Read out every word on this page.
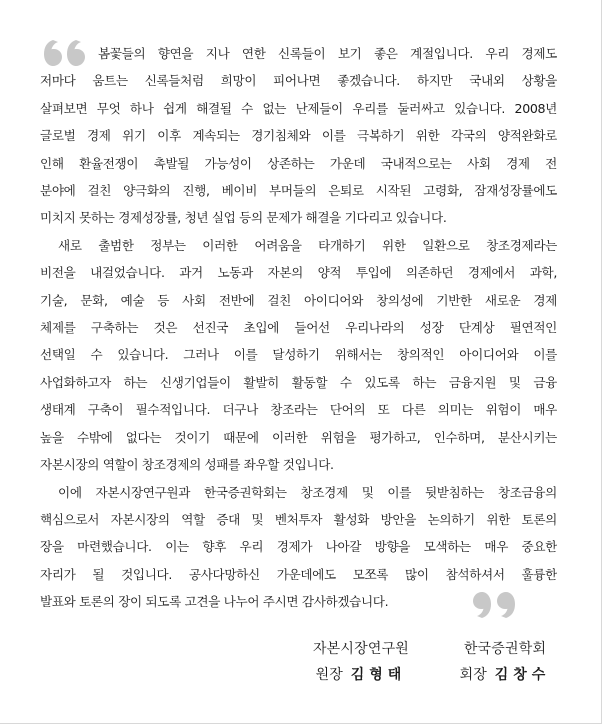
봄꽃들의 향연을 지나 연한 신록들이 보기 좋은 계절입니다. 우리 경제도
저마다 움트는 신록들처럼 희망이 피어나면 좋겠습니다. 하지만 국내외 상황을
살펴보면 무엇 하나 쉽게 해결될 수 없는 난제들이 우리를 둘러싸고 있습니다. 2008년
글로벌 경제 위기 이후 계속되는 경기침체와 이를 극복하기 위한 각국의 양적완화로
인해 환율전쟁이 촉발될 가능성이 상존하는 가운데 국내적으로는 사회 경제 전
분야에 걸친 양극화의 진행, 베이비 부머들의 은퇴로 시작된 고령화, 잠재성장률에도
미치지 못하는 경제성장률, 청년 실업 등의 문제가 해결을 기다리고 있습니다.

새로 출범한 정부는 이러한 어려움을 타개하기 위한 일환으로 창조경제라는
비전을 내걸었습니다. 과거 노동과 자본의 양적 투입에 의존하던 경제에서 과학,
기술, 문화, 예술 등 사회 전반에 걸친 아이디어와 창의성에 기반한 새로운 경제
체제를 구축하는 것은 선진국 초입에 들어선 우리나라의 성장 단계상 필연적인
선택일 수 있습니다. 그러나 이를 달성하기 위해서는 창의적인 아이디어와 이를
사업화하고자 하는 신생기업들이 활발히 활동할 수 있도록 하는 금융지원 및 금융
생태계 구축이 필수적입니다. 더구나 창조라는 단어의 또 다른 의미는 위험이 매우
높을 수밖에 없다는 것이기 때문에 이러한 위험을 평가하고, 인수하며, 분산시키는
자본시장의 역할이 창조경제의 성패를 좌우할 것입니다.

이에 자본시장연구원과 한국증권학회는 창조경제 및 이를 뒷받침하는 창조금융의
핵심으로서 자본시장의 역할 증대 및 벤처투자 활성화 방안을 논의하기 위한 토론의
장을 마련했습니다. 이는 향후 우리 경제가 나아갈 방향을 모색하는 매우 중요한
자리가 될 것입니다. 공사다망하신 가운데에도 모쪼록 많이 참석하셔서 훌륭한
발표와 토론의 장이 되도록 고견을 나누어 주시면 감사하겠습니다.

자본시장연구원
원장 김형태
한국증권학회
회장 김창수
